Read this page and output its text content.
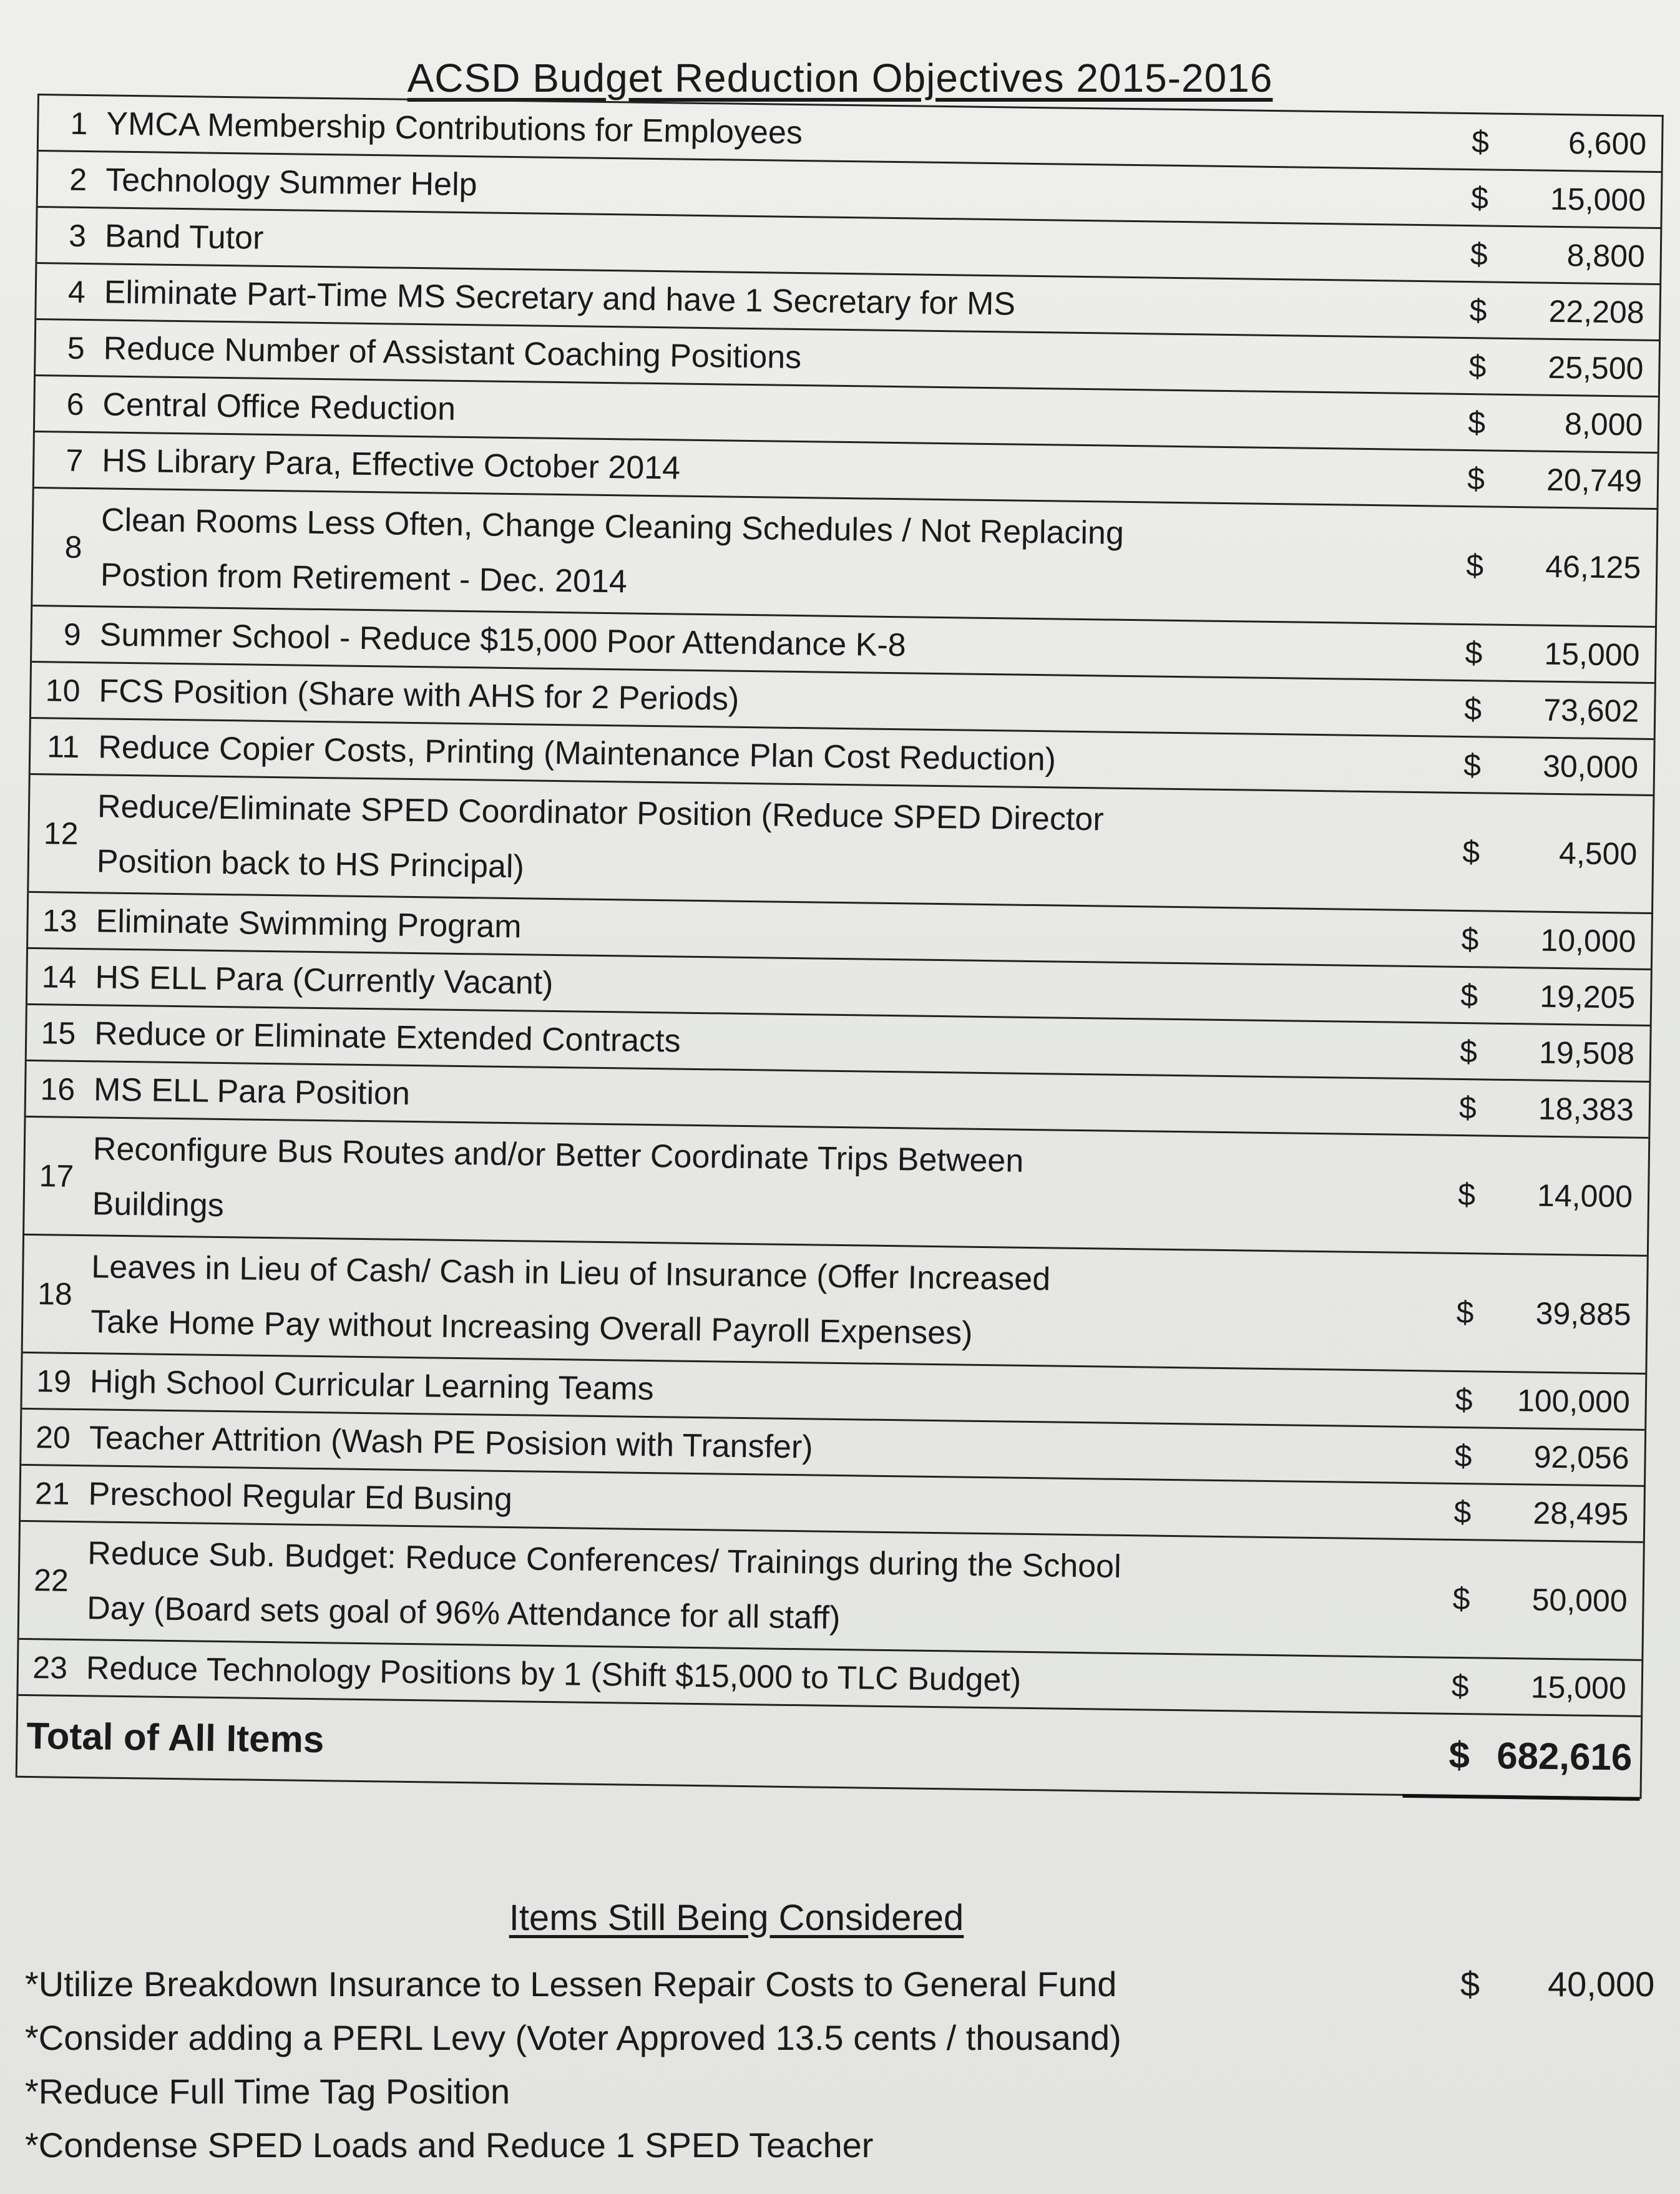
ACSD Budget Reduction Objectives 2015-2016
1 YMCA Membership Contributions for Employees	$	6,600
2 Technology Summer Help	$	15,000
3 Band Tutor	$	8,800
4 Eliminate Part-Time MS Secretary and have 1 Secretary for MS	$	22,208
5 Reduce Number of Assistant Coaching Positions	$	25,500
6 Central Office Reduction	$	8,000
7 HS Library Para, Effective October 2014	$	20,749
8 Clean Rooms Less Often, Change Cleaning Schedules / Not Replacing
Postion from Retirement - Dec. 2014	$	46,125
9 Summer School - Reduce $15,000 Poor Attendance K-8	$	15,000
10 FCS Position (Share with AHS for 2 Periods)	$	73,602
11 Reduce Copier Costs, Printing (Maintenance Plan Cost Reduction)	$	30,000
12 Reduce/Eliminate SPED Coordinator Position (Reduce SPED Director
Position back to HS Principal)	$	4,500
13 Eliminate Swimming Program	$	10,000
14 HS ELL Para (Currently Vacant)	$	19,205
15 Reduce or Eliminate Extended Contracts	$	19,508
16 MS ELL Para Position	$	18,383
17 Reconfigure Bus Routes and/or Better Coordinate Trips Between
Buildings	$	14,000
18 Leaves in Lieu of Cash/ Cash in Lieu of Insurance (Offer Increased
Take Home Pay without Increasing Overall Payroll Expenses)	$	39,885
19 High School Curricular Learning Teams	$	100,000
20 Teacher Attrition (Wash PE Posision with Transfer)	$	92,056
21 Preschool Regular Ed Busing	$	28,495
22 Reduce Sub. Budget: Reduce Conferences/ Trainings during the School
Day (Board sets goal of 96% Attendance for all staff)	$	50,000
23 Reduce Technology Positions by 1 (Shift $15,000 to TLC Budget)	$	15,000
Total of All Items	$ 682,616
Items Still Being Considered
*Utilize Breakdown Insurance to Lessen Repair Costs to General Fund	$ 40,000
*Consider adding a PERL Levy (Voter Approved 13.5 cents / thousand)
*Reduce Full Time Tag Position
*Condense SPED Loads and Reduce 1 SPED Teacher
